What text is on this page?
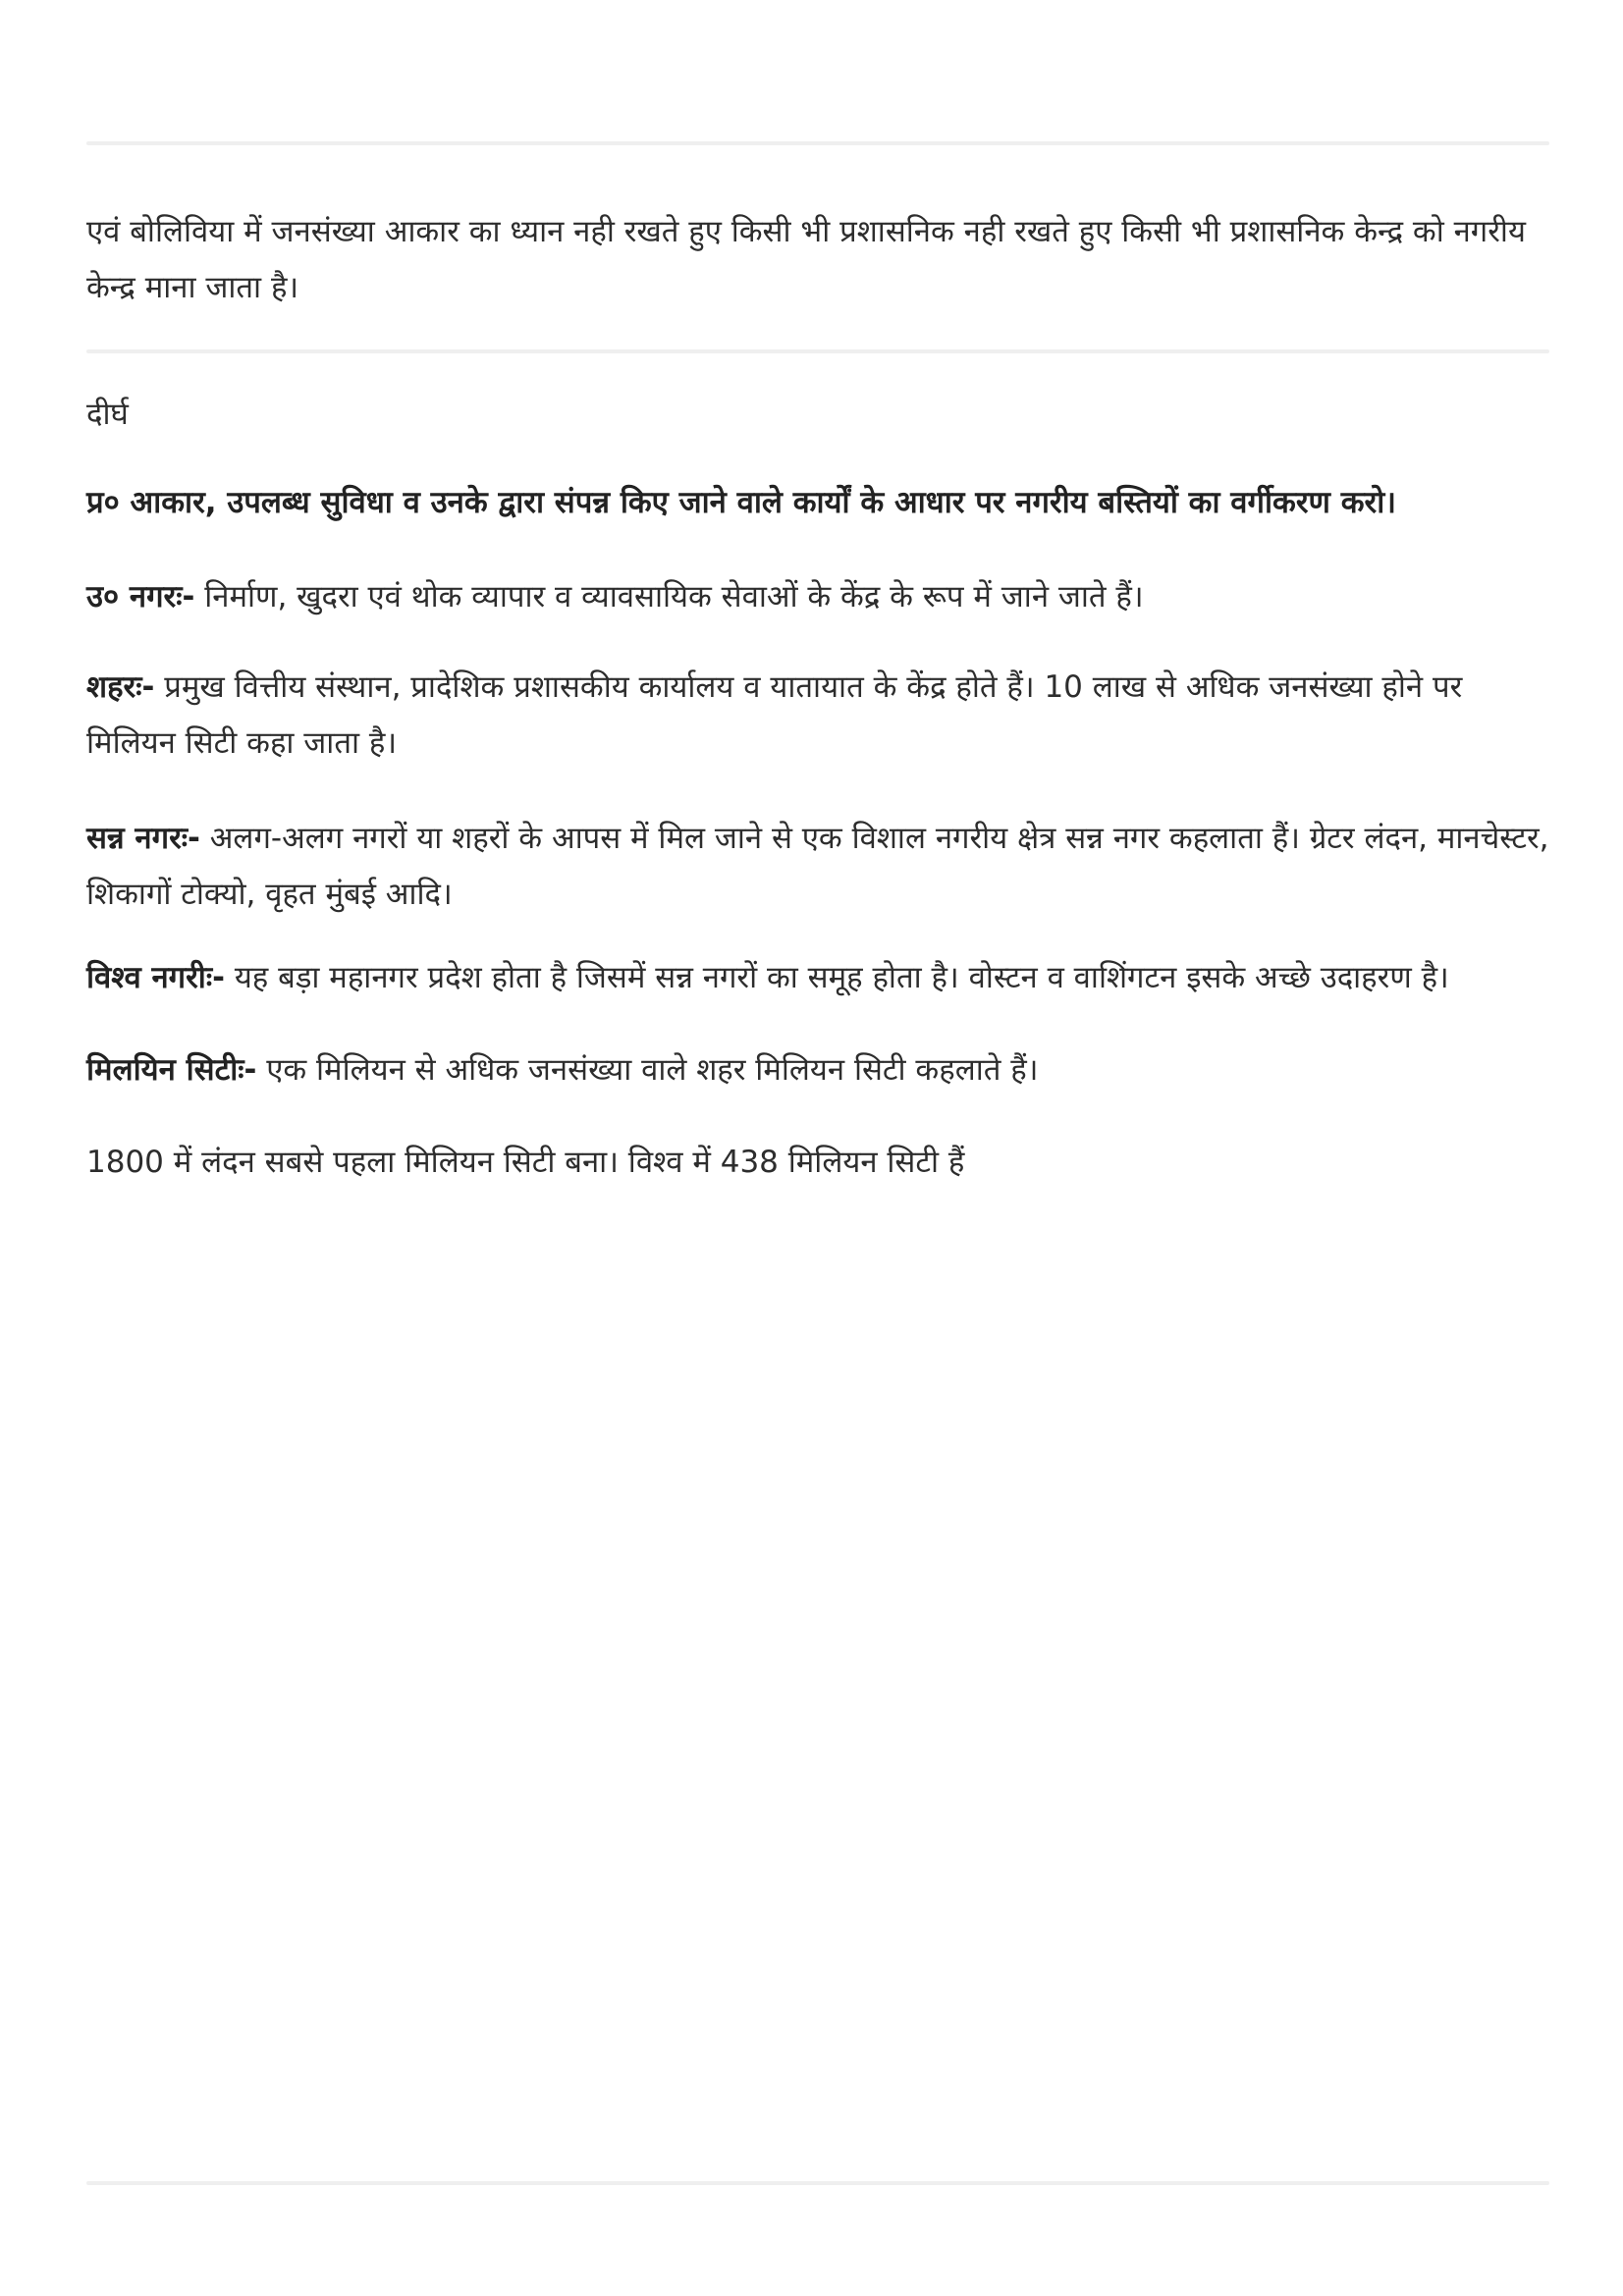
एवं बोलिविया में जनसंख्या आकार का ध्यान नही रखते हुए किसी भी प्रशासनिक नही रखते हुए किसी भी प्रशासनिक केन्द्र को नगरीय केन्द्र माना जाता है।

दीर्घ

प्र० आकार, उपलब्ध सुविधा व उनके द्वारा संपन्न किए जाने वाले कार्यों के आधार पर नगरीय बस्तियों का वर्गीकरण करो।

उ० नगरः- निर्माण, खुदरा एवं थोक व्यापार व व्यावसायिक सेवाओं के केंद्र के रूप में जाने जाते हैं।

शहरः- प्रमुख वित्तीय संस्थान, प्रादेशिक प्रशासकीय कार्यालय व यातायात के केंद्र होते हैं। 10 लाख से अधिक जनसंख्या होने पर मिलियन सिटी कहा जाता है।

सन्न नगरः- अलग-अलग नगरों या शहरों के आपस में मिल जाने से एक विशाल नगरीय क्षेत्र सन्न नगर कहलाता हैं। ग्रेटर लंदन, मानचेस्टर, शिकागों टोक्यो, वृहत मुंबई आदि।

विश्व नगरीः- यह बड़ा महानगर प्रदेश होता है जिसमें सन्न नगरों का समूह होता है। वोस्टन व वाशिंगटन इसके अच्छे उदाहरण है।

मिलयिन सिटीः- एक मिलियन से अधिक जनसंख्या वाले शहर मिलियन सिटी कहलाते हैं।

1800 में लंदन सबसे पहला मिलियन सिटी बना। विश्व में 438 मिलियन सिटी हैं
